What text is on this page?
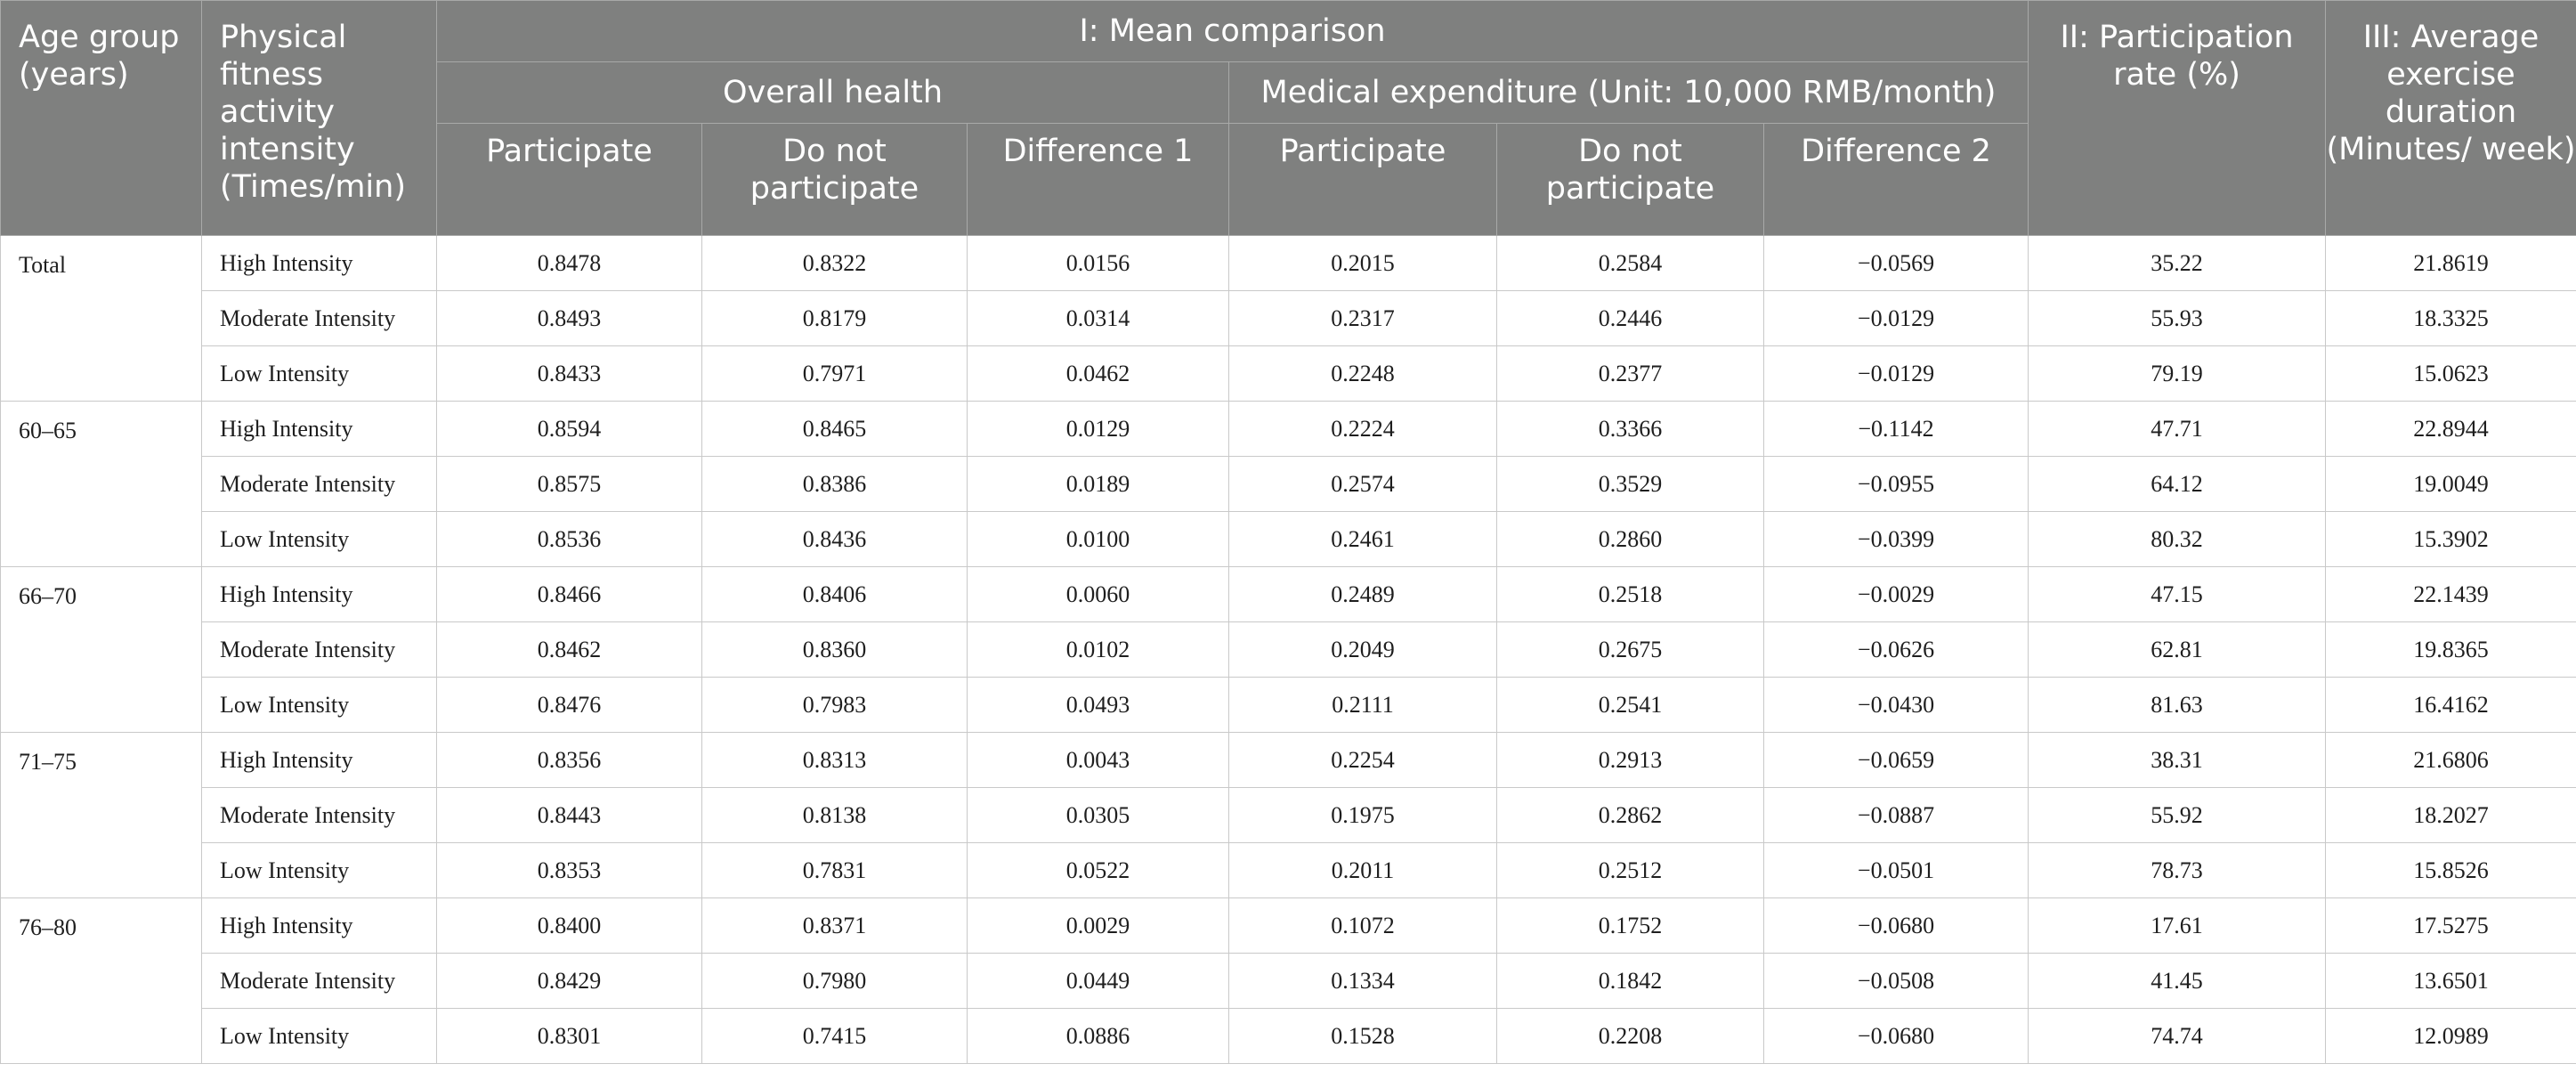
Age group (years)	Physical fitness activity intensity (Times/min)	I: Mean comparison						II: Participation rate (%)	III: Average exercise duration (Minutes/ week)
		Overall health			Medical expenditure (Unit: 10,000 RMB/month)				
		Participate	Do not participate	Difference 1	Participate	Do not participate	Difference 2		
Total	High Intensity	0.8478	0.8322	0.0156	0.2015	0.2584	−0.0569	35.22	21.8619
	Moderate Intensity	0.8493	0.8179	0.0314	0.2317	0.2446	−0.0129	55.93	18.3325
	Low Intensity	0.8433	0.7971	0.0462	0.2248	0.2377	−0.0129	79.19	15.0623
60–65	High Intensity	0.8594	0.8465	0.0129	0.2224	0.3366	−0.1142	47.71	22.8944
	Moderate Intensity	0.8575	0.8386	0.0189	0.2574	0.3529	−0.0955	64.12	19.0049
	Low Intensity	0.8536	0.8436	0.0100	0.2461	0.2860	−0.0399	80.32	15.3902
66–70	High Intensity	0.8466	0.8406	0.0060	0.2489	0.2518	−0.0029	47.15	22.1439
	Moderate Intensity	0.8462	0.8360	0.0102	0.2049	0.2675	−0.0626	62.81	19.8365
	Low Intensity	0.8476	0.7983	0.0493	0.2111	0.2541	−0.0430	81.63	16.4162
71–75	High Intensity	0.8356	0.8313	0.0043	0.2254	0.2913	−0.0659	38.31	21.6806
	Moderate Intensity	0.8443	0.8138	0.0305	0.1975	0.2862	−0.0887	55.92	18.2027
	Low Intensity	0.8353	0.7831	0.0522	0.2011	0.2512	−0.0501	78.73	15.8526
76–80	High Intensity	0.8400	0.8371	0.0029	0.1072	0.1752	−0.0680	17.61	17.5275
	Moderate Intensity	0.8429	0.7980	0.0449	0.1334	0.1842	−0.0508	41.45	13.6501
	Low Intensity	0.8301	0.7415	0.0886	0.1528	0.2208	−0.0680	74.74	12.0989
